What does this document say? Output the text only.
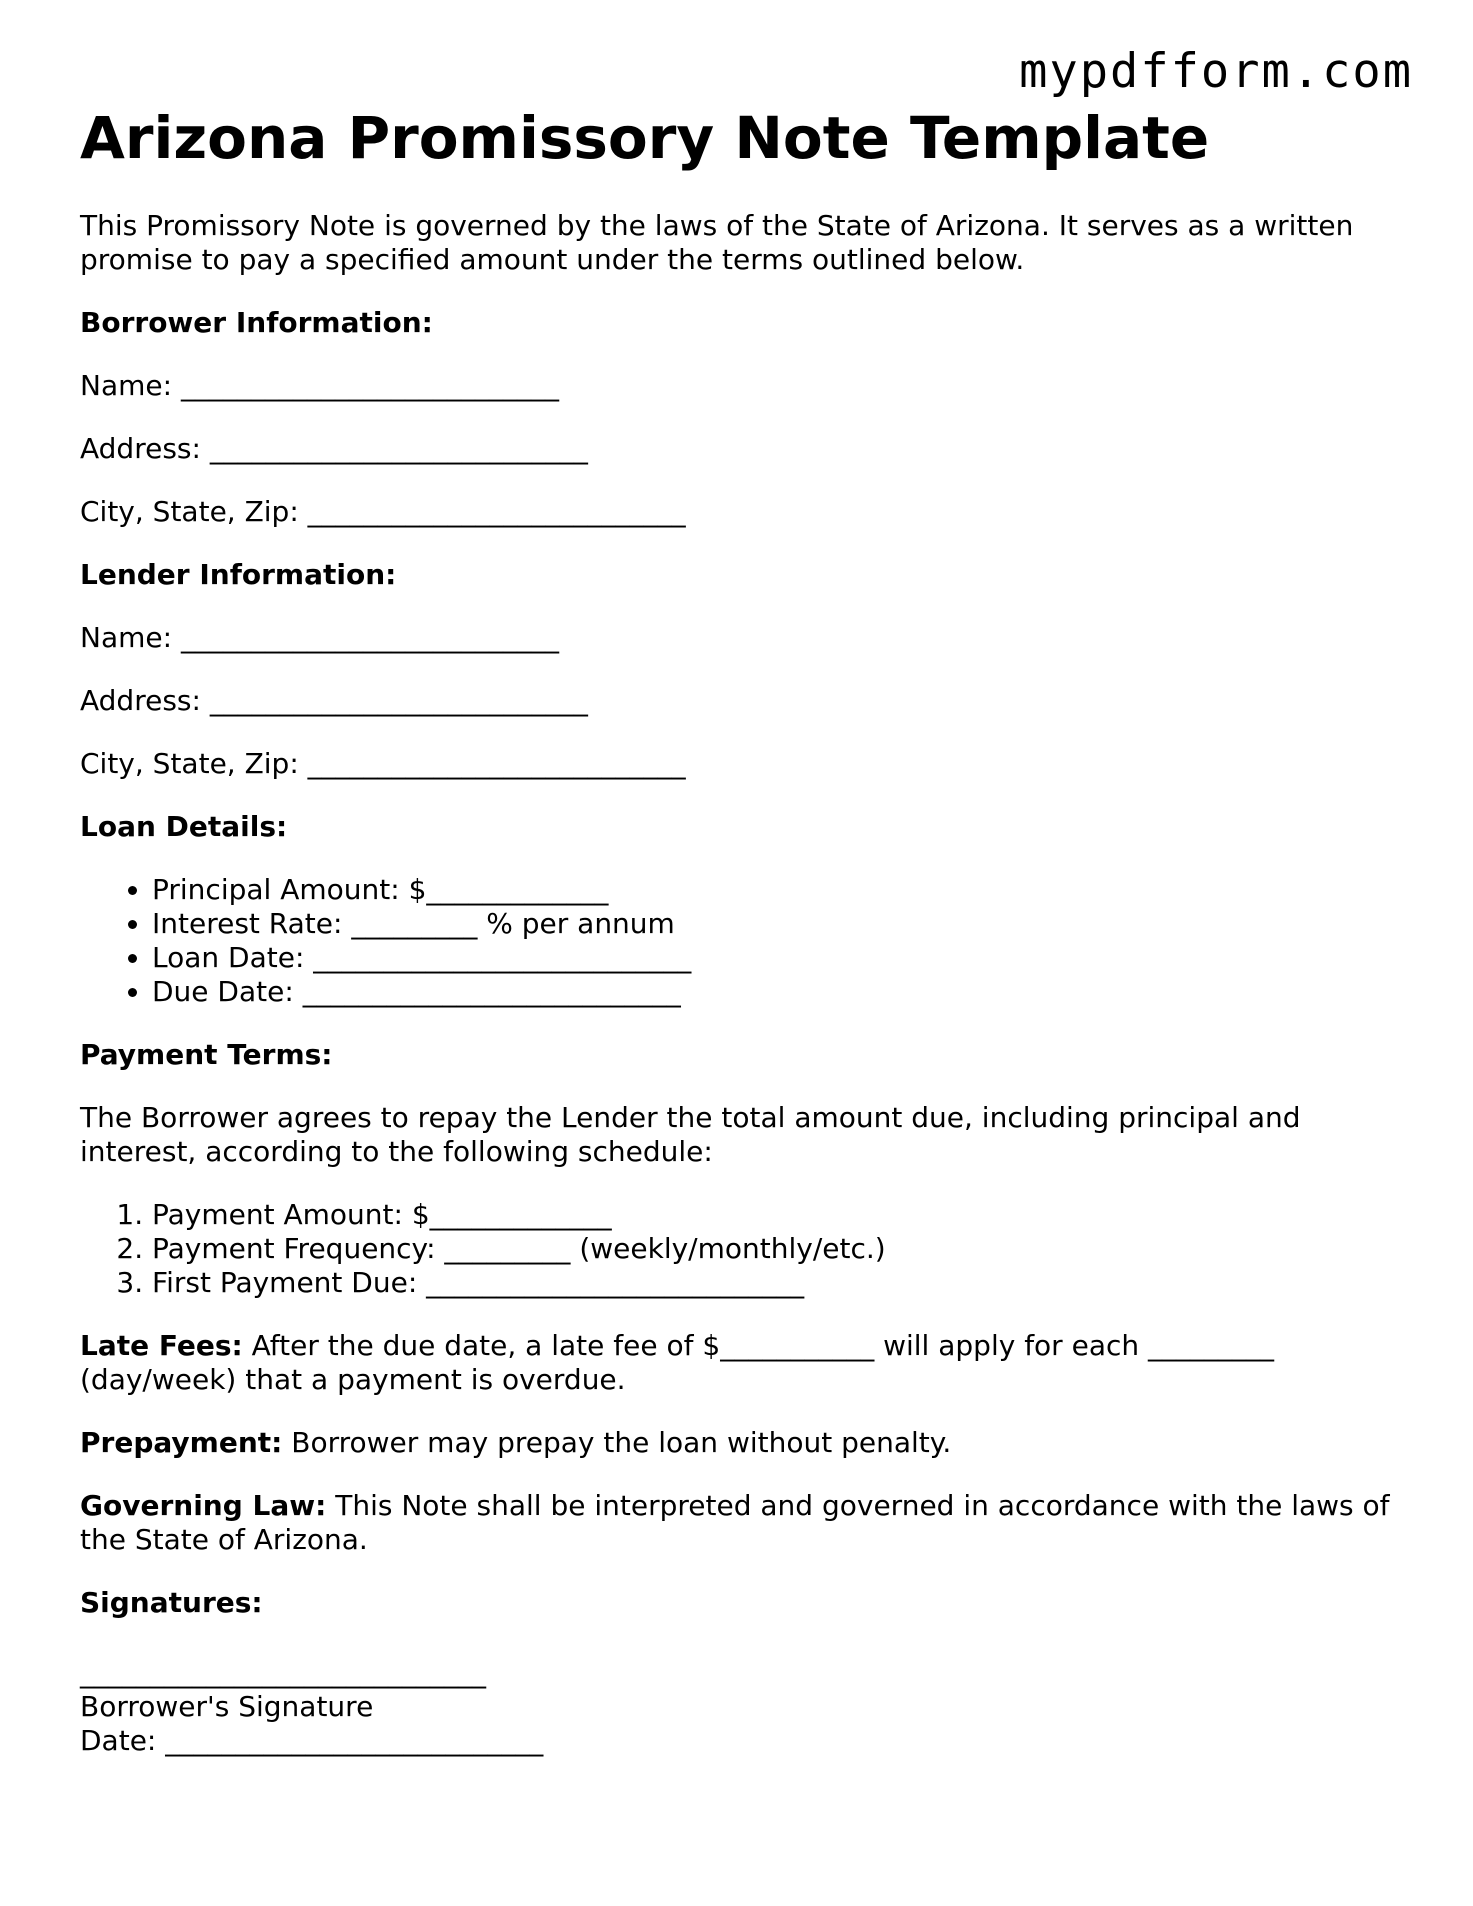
mypdfform.com
Arizona Promissory Note Template

This Promissory Note is governed by the laws of the State of Arizona. It serves as a written promise to pay a specified amount under the terms outlined below.

Borrower Information:
Name: ___________________________
Address: ___________________________
City, State, Zip: ___________________________
Lender Information:
Name: ___________________________
Address: ___________________________
City, State, Zip: ___________________________
Loan Details:
• Principal Amount: $_____________
• Interest Rate: _________ % per annum
• Loan Date: ___________________________
• Due Date: ___________________________
Payment Terms:

The Borrower agrees to repay the Lender the total amount due, including principal and interest, according to the following schedule:

1. Payment Amount: $_____________
2. Payment Frequency: _________ (weekly/monthly/etc.)
3. First Payment Due: ___________________________

Late Fees: After the due date, a late fee of $___________ will apply for each _________ (day/week) that a payment is overdue.

Prepayment: Borrower may prepay the loan without penalty.

Governing Law: This Note shall be interpreted and governed in accordance with the laws of the State of Arizona.

Signatures:
_____________________________
Borrower's Signature
Date: ___________________________
